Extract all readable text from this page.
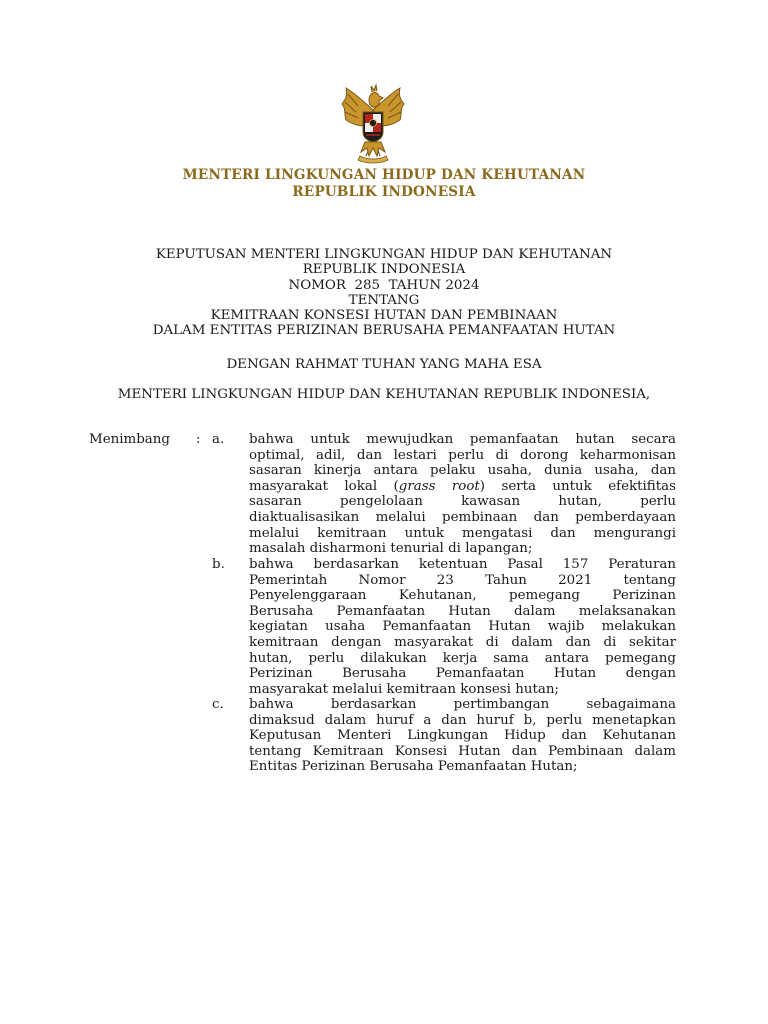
MENTERI LINGKUNGAN HIDUP DAN KEHUTANAN
REPUBLIK INDONESIA
KEPUTUSAN MENTERI LINGKUNGAN HIDUP DAN KEHUTANAN
REPUBLIK INDONESIA
NOMOR  285  TAHUN 2024
TENTANG
KEMITRAAN KONSESI HUTAN DAN PEMBINAAN
DALAM ENTITAS PERIZINAN BERUSAHA PEMANFAATAN HUTAN
DENGAN RAHMAT TUHAN YANG MAHA ESA
MENTERI LINGKUNGAN HIDUP DAN KEHUTANAN REPUBLIK INDONESIA,
Menimbang : a. bahwa untuk mewujudkan pemanfaatan hutan secara
optimal, adil, dan lestari perlu di dorong keharmonisan
sasaran kinerja antara pelaku usaha, dunia usaha, dan
masyarakat lokal (grass root) serta untuk efektifitas
sasaran pengelolaan kawasan hutan, perlu
diaktualisasikan melalui pembinaan dan pemberdayaan
melalui kemitraan untuk mengatasi dan mengurangi
masalah disharmoni tenurial di lapangan;
b. bahwa berdasarkan ketentuan Pasal 157 Peraturan
Pemerintah Nomor 23 Tahun 2021 tentang
Penyelenggaraan Kehutanan, pemegang Perizinan
Berusaha Pemanfaatan Hutan dalam melaksanakan
kegiatan usaha Pemanfaatan Hutan wajib melakukan
kemitraan dengan masyarakat di dalam dan di sekitar
hutan, perlu dilakukan kerja sama antara pemegang
Perizinan Berusaha Pemanfaatan Hutan dengan
masyarakat melalui kemitraan konsesi hutan;
c. bahwa berdasarkan pertimbangan sebagaimana
dimaksud dalam huruf a dan huruf b, perlu menetapkan
Keputusan Menteri Lingkungan Hidup dan Kehutanan
tentang Kemitraan Konsesi Hutan dan Pembinaan dalam
Entitas Perizinan Berusaha Pemanfaatan Hutan;
